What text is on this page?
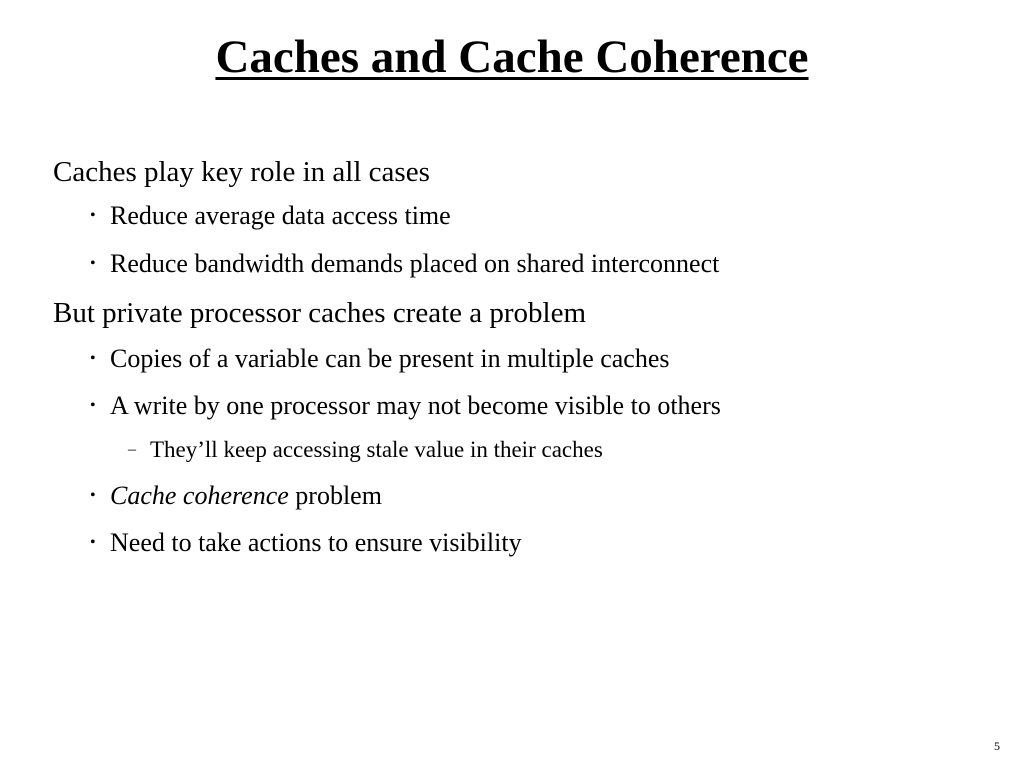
Caches and Cache Coherence
Caches play key role in all cases
• Reduce average data access time
• Reduce bandwidth demands placed on shared interconnect
But private processor caches create a problem
• Copies of a variable can be present in multiple caches
• A write by one processor may not become visible to others
– They’ll keep accessing stale value in their caches
• Cache coherence problem
• Need to take actions to ensure visibility
5
